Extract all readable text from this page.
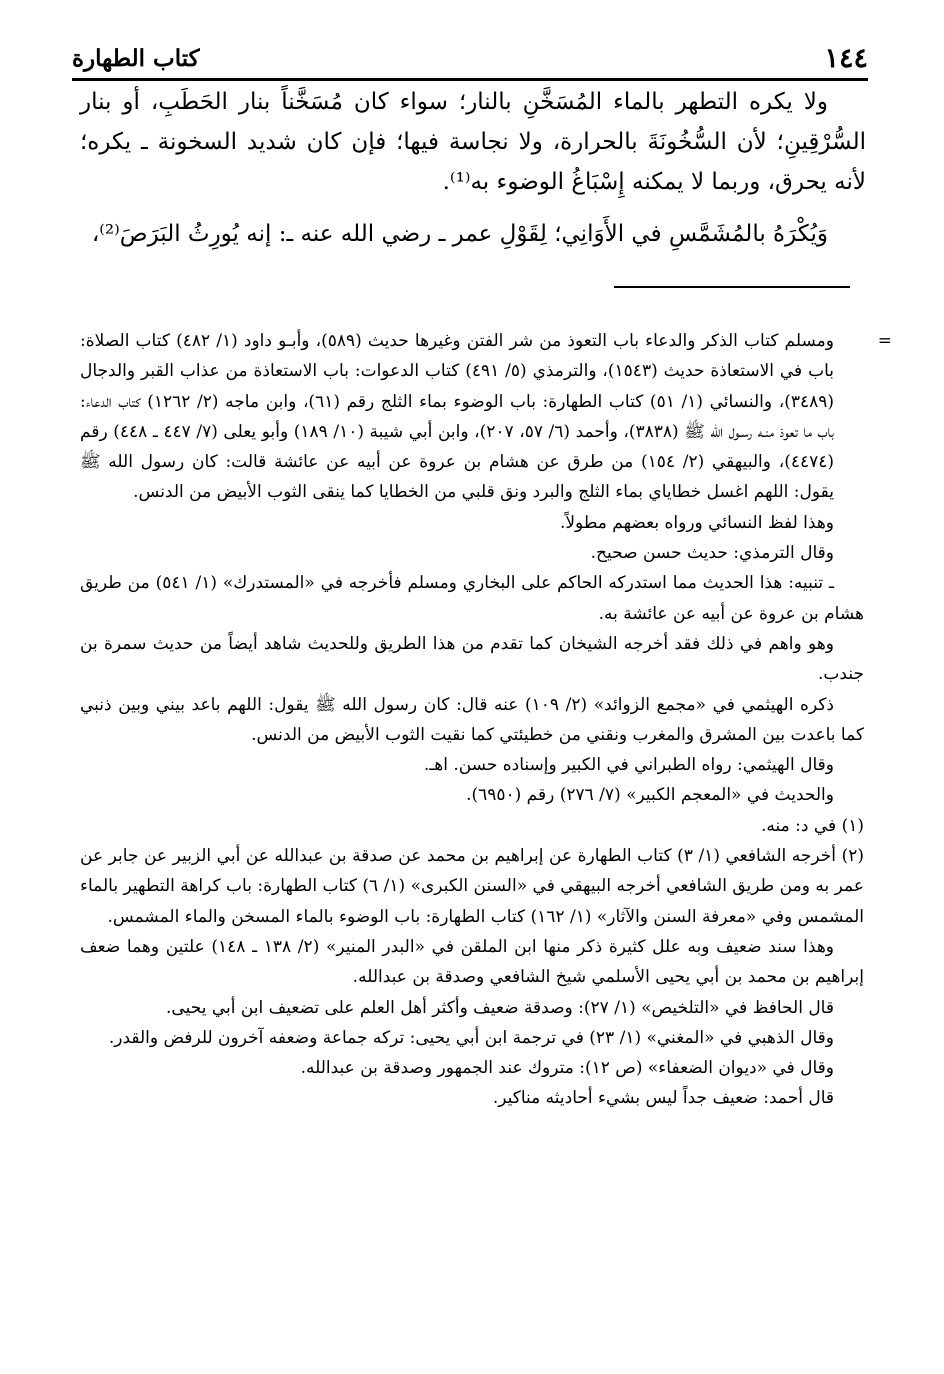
١٤٤
كتاب الطهارة

ولا يكره التطهر بالماء المُسَخَّنِ بالنار؛ سواء كان مُسَخَّناً بنار الحَطَبِ، أو بنار السُّرْقِينِ؛ لأن السُّخُونَةَ بالحرارة، ولا نجاسة فيها؛ فإن كان شديد السخونة ـ يكره؛ لأنه يحرق، وربما لا يمكنه إِسْبَاغُ الوضوء به⁽¹⁾.

وَيُكْرَهُ بالمُشَمَّسِ في الأَوَانِي؛ لِقَوْلِ عمر ـ رضي الله عنه ـ: إنه يُورِثُ البَرَصَ⁽²⁾،

=
ومسلم كتاب الذكر والدعاء باب التعوذ من شر الفتن وغيرها حديث (٥٨٩)، وأبـو داود (١/ ٤٨٢) كتاب الصلاة: باب في الاستعاذة حديث (١٥٤٣)، والترمذي (٥/ ٤٩١) كتاب الدعوات: باب الاستعاذة من عذاب القبر والدجال (٣٤٨٩)، والنسائي (١/ ٥١) كتاب الطهارة: باب الوضوء بماء الثلج رقم (٦١)، وابن ماجه (٢/ ١٢٦٢) كتاب الدعاء: باب ما تعوذ منـه رسـول الله ﷺ (٣٨٣٨)، وأحمد (٦/ ٥٧، ٢٠٧)، وابن أبي شيبة (١٠/ ١٨٩) وأبو يعلى (٧/ ٤٤٧ ـ ٤٤٨) رقم (٤٤٧٤)، والبيهقي (٢/ ١٥٤) من طرق عن هشام بن عروة عن أبيه عن عائشة قالت: كان رسول الله ﷺ يقول: اللهم اغسل خطاياي بماء الثلج والبرد ونق قلبي من الخطايا كما ينقى الثوب الأبيض من الدنس.

وهذا لفظ النسائي ورواه بعضهم مطولاً.

وقال الترمذي: حديث حسن صحيح.

ـ تنبيه: هذا الحديث مما استدركه الحاكم على البخاري ومسلم فأخرجه في «المستدرك» (١/ ٥٤١) من طريق هشام بن عروة عن أبيه عن عائشة به.

وهو واهم في ذلك فقد أخرجه الشيخان كما تقدم من هذا الطريق وللحديث شاهد أيضاً من حديث سمرة بن جندب.

ذكره الهيثمي في «مجمع الزوائد» (٢/ ١٠٩) عنه قال: كان رسول الله ﷺ يقول: اللهم باعد بيني وبين ذنبي كما باعدت بين المشرق والمغرب ونقني من خطيئتي كما نقيت الثوب الأبيض من الدنس.

وقال الهيثمي: رواه الطبراني في الكبير وإسناده حسن. اهـ.

والحديث في «المعجم الكبير» (٧/ ٢٧٦) رقم (٦٩٥٠).

(١) في د: منه.

(٢) أخرجه الشافعي (١/ ٣) كتاب الطهارة عن إبراهيم بن محمد عن صدقة بن عبدالله عن أبي الزبير عن جابر عن عمر به ومن طريق الشافعي أخرجه البيهقي في «السنن الكبرى» (١/ ٦) كتاب الطهارة: باب كراهة التطهير بالماء المشمس وفي «معرفة السنن والآثار» (١/ ١٦٢) كتاب الطهارة: باب الوضوء بالماء المسخن والماء المشمس.

وهذا سند ضعيف وبه علل كثيرة ذكر منها ابن الملقن في «البدر المنير» (٢/ ١٣٨ ـ ١٤٨) علتين وهما ضعف إبراهيم بن محمد بن أبي يحيى الأسلمي شيخ الشافعي وصدقة بن عبدالله.

قال الحافظ في «التلخيص» (١/ ٢٧): وصدقة ضعيف وأكثر أهل العلم على تضعيف ابن أبي يحيى.

وقال الذهبي في «المغني» (١/ ٢٣) في ترجمة ابن أبي يحيى: تركه جماعة وضعفه آخرون للرفض والقدر.

وقال في «ديوان الضعفاء» (ص ١٢): متروك عند الجمهور وصدقة بن عبدالله.

قال أحمد: ضعيف جداً ليس بشيء أحاديثه مناكير.
